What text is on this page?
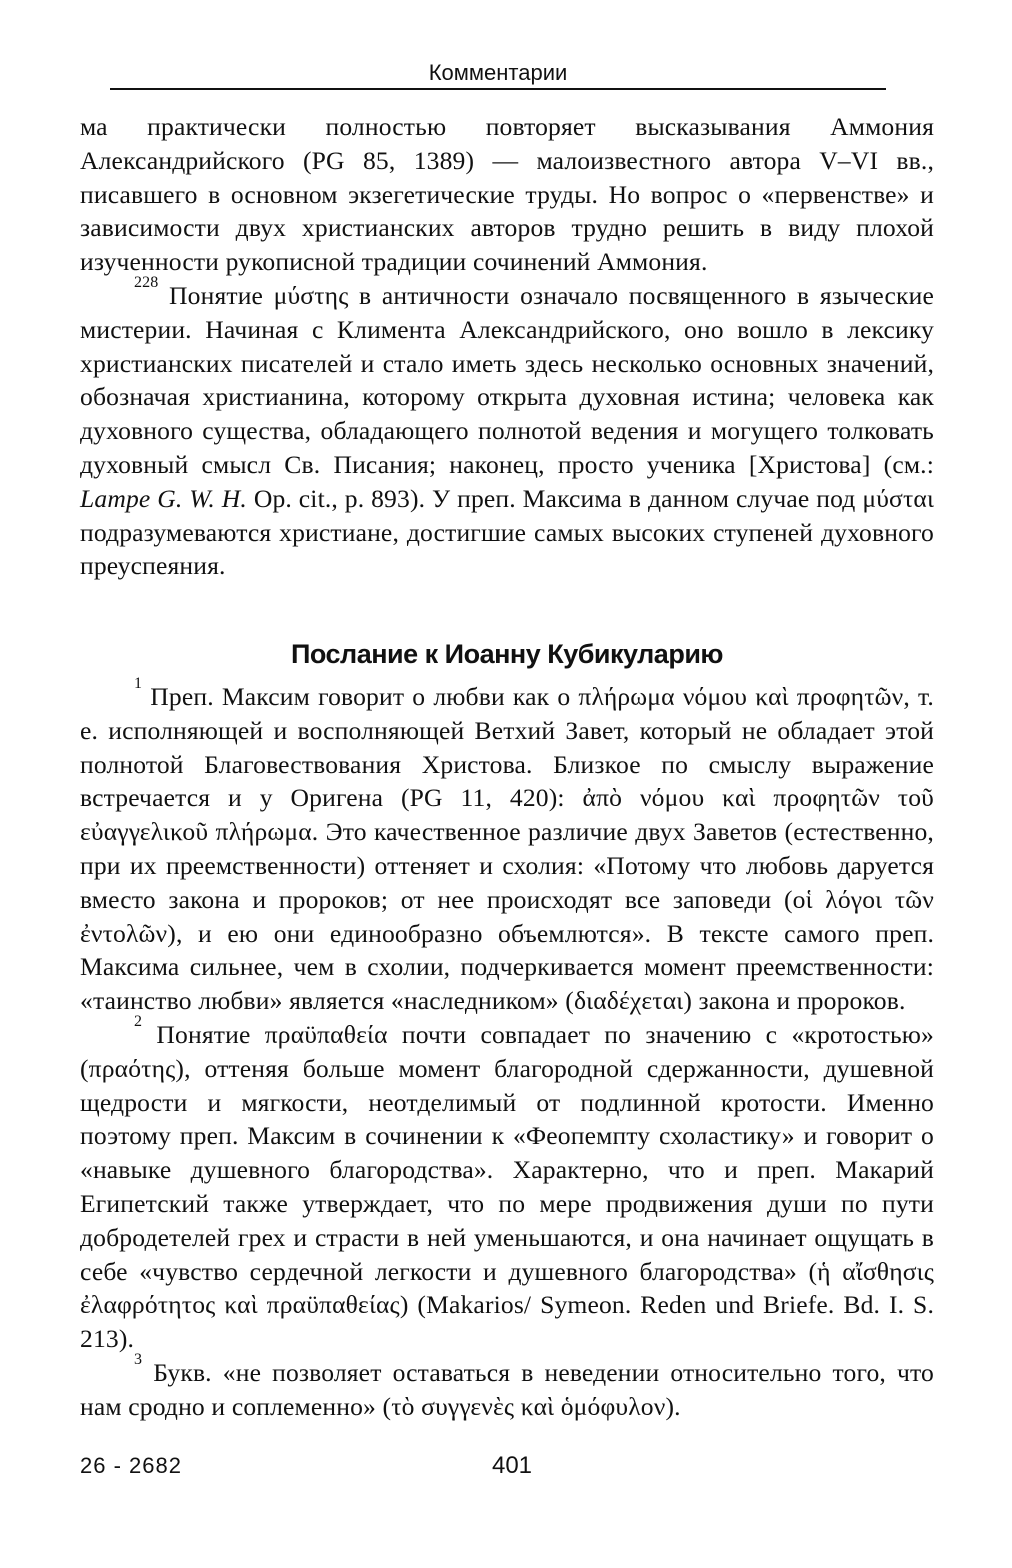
Комментарии

ма практически полностью повторяет высказывания Аммония Александрийского (PG 85, 1389) — малоизвестного автора V–VI вв., писавшего в основном экзегетические труды. Но вопрос о «первенстве» и зависимости двух христианских авторов трудно решить в виду плохой изученности рукописной традиции сочинений Аммония.

$^{228}$ Понятие μύστης в античности означало посвященного в языческие мистерии. Начиная с Климента Александрийского, оно вошло в лексику христианских писателей и стало иметь здесь несколько основных значений, обозначая христианина, которому открыта духовная истина; человека как духовного существа, обладающего полнотой ведения и могущего толковать духовный смысл Св. Писания; наконец, просто ученика [Христова] (см.: Lampe G. W. H. Op. cit., p. 893). У преп. Максима в данном случае под μύσται подразумеваются христиане, достигшие самых высоких ступеней духовного преуспеяния.

Послание к Иоанну Кубикуларию

$^1$ Преп. Максим говорит о любви как о πλήρωμα νόμου καὶ προφητῶν, т. е. исполняющей и восполняющей Ветхий Завет, который не обладает этой полнотой Благовествования Христова. Близкое по смыслу выражение встречается и у Оригена (PG 11, 420): ἀπὸ νόμου καὶ προφητῶν τοῦ εὐαγγελικοῦ πλήρωμα. Это качественное различие двух Заветов (естественно, при их преемственности) оттеняет и схолия: «Потому что любовь даруется вместо закона и пророков; от нее происходят все заповеди (οἱ λόγοι τῶν ἐντολῶν), и ею они единообразно объемлются». В тексте самого преп. Максима сильнее, чем в схолии, подчеркивается момент преемственности: «таинство любви» является «наследником» (διαδέχεται) закона и пророков.

$^2$ Понятие πραϋπαθεία почти совпадает по значению с «кротостью» (πραότης), оттеняя больше момент благородной сдержанности, душевной щедрости и мягкости, неотделимый от подлинной кротости. Именно поэтому преп. Максим в сочинении к «Феопемпту схоластику» и говорит о «навыке душевного благородства». Характерно, что и преп. Макарий Египетский также утверждает, что по мере продвижения души по пути добродетелей грех и страсти в ней уменьшаются, и она начинает ощущать в себе «чувство сердечной легкости и душевного благородства» (ἡ αἴσθησις ἐλαφρότητος καὶ πραϋπαθείας) (Makarios/ Symeon. Reden und Briefe. Bd. I. S. 213).

$^3$ Букв. «не позволяет оставаться в неведении относительно того, что нам сродно и соплеменно» (τὸ συγγενὲς καὶ ὁμόφυλον).

26 - 2682	401
